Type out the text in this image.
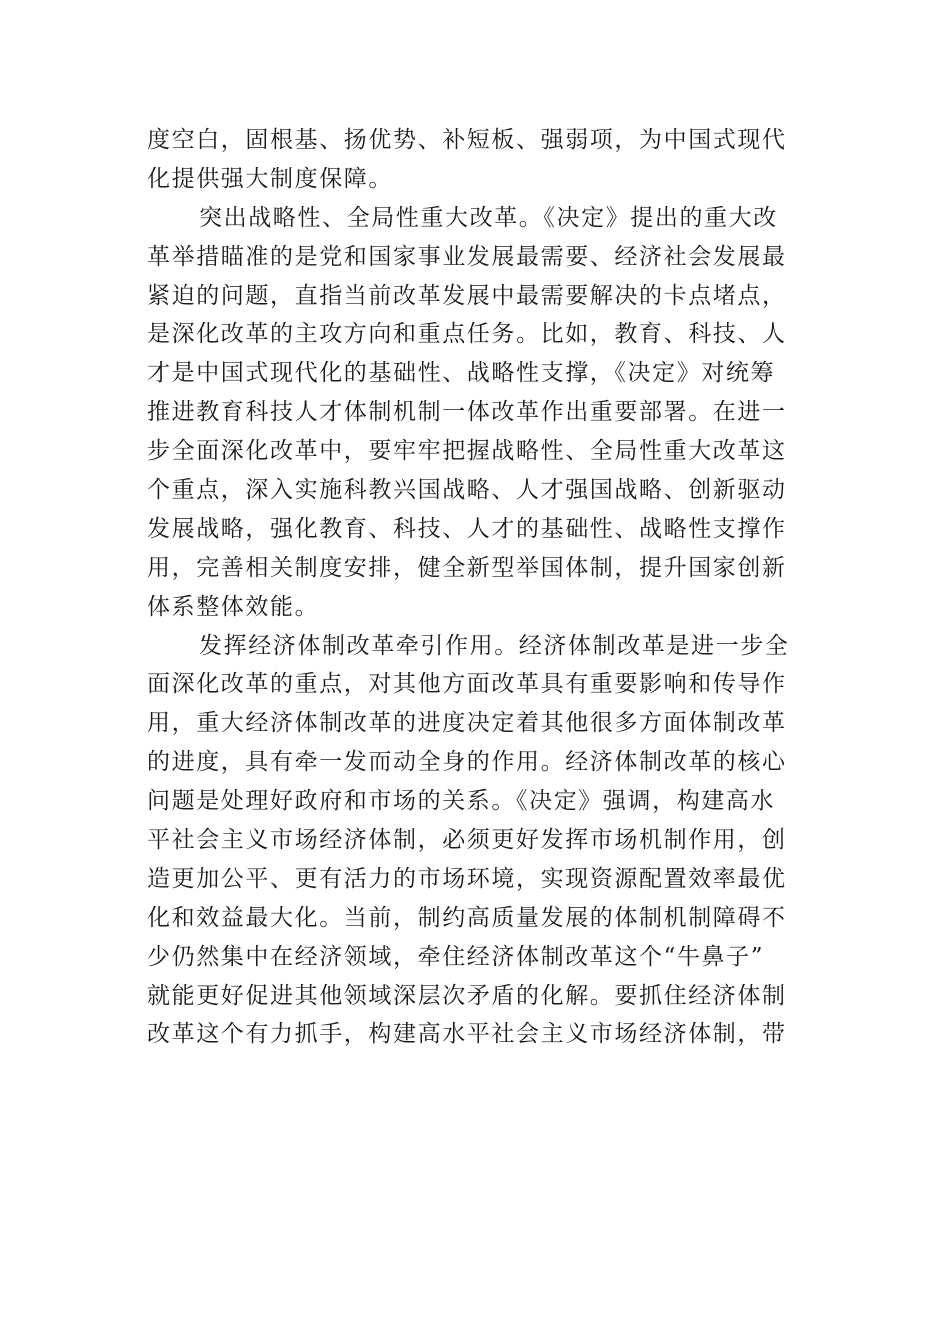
度空白，固根基、扬优势、补短板、强弱项，为中国式现代
化提供强大制度保障。
突出战略性、全局性重大改革。《决定》提出的重大改
革举措瞄准的是党和国家事业发展最需要、经济社会发展最
紧迫的问题，直指当前改革发展中最需要解决的卡点堵点，
是深化改革的主攻方向和重点任务。比如，教育、科技、人
才是中国式现代化的基础性、战略性支撑，《决定》对统筹
推进教育科技人才体制机制一体改革作出重要部署。在进一
步全面深化改革中，要牢牢把握战略性、全局性重大改革这
个重点，深入实施科教兴国战略、人才强国战略、创新驱动
发展战略，强化教育、科技、人才的基础性、战略性支撑作
用，完善相关制度安排，健全新型举国体制，提升国家创新
体系整体效能。
发挥经济体制改革牵引作用。经济体制改革是进一步全
面深化改革的重点，对其他方面改革具有重要影响和传导作
用，重大经济体制改革的进度决定着其他很多方面体制改革
的进度，具有牵一发而动全身的作用。经济体制改革的核心
问题是处理好政府和市场的关系。《决定》强调，构建高水
平社会主义市场经济体制，必须更好发挥市场机制作用，创
造更加公平、更有活力的市场环境，实现资源配置效率最优
化和效益最大化。当前，制约高质量发展的体制机制障碍不
少仍然集中在经济领域，牵住经济体制改革这个“牛鼻子”
就能更好促进其他领域深层次矛盾的化解。要抓住经济体制
改革这个有力抓手，构建高水平社会主义市场经济体制，带
